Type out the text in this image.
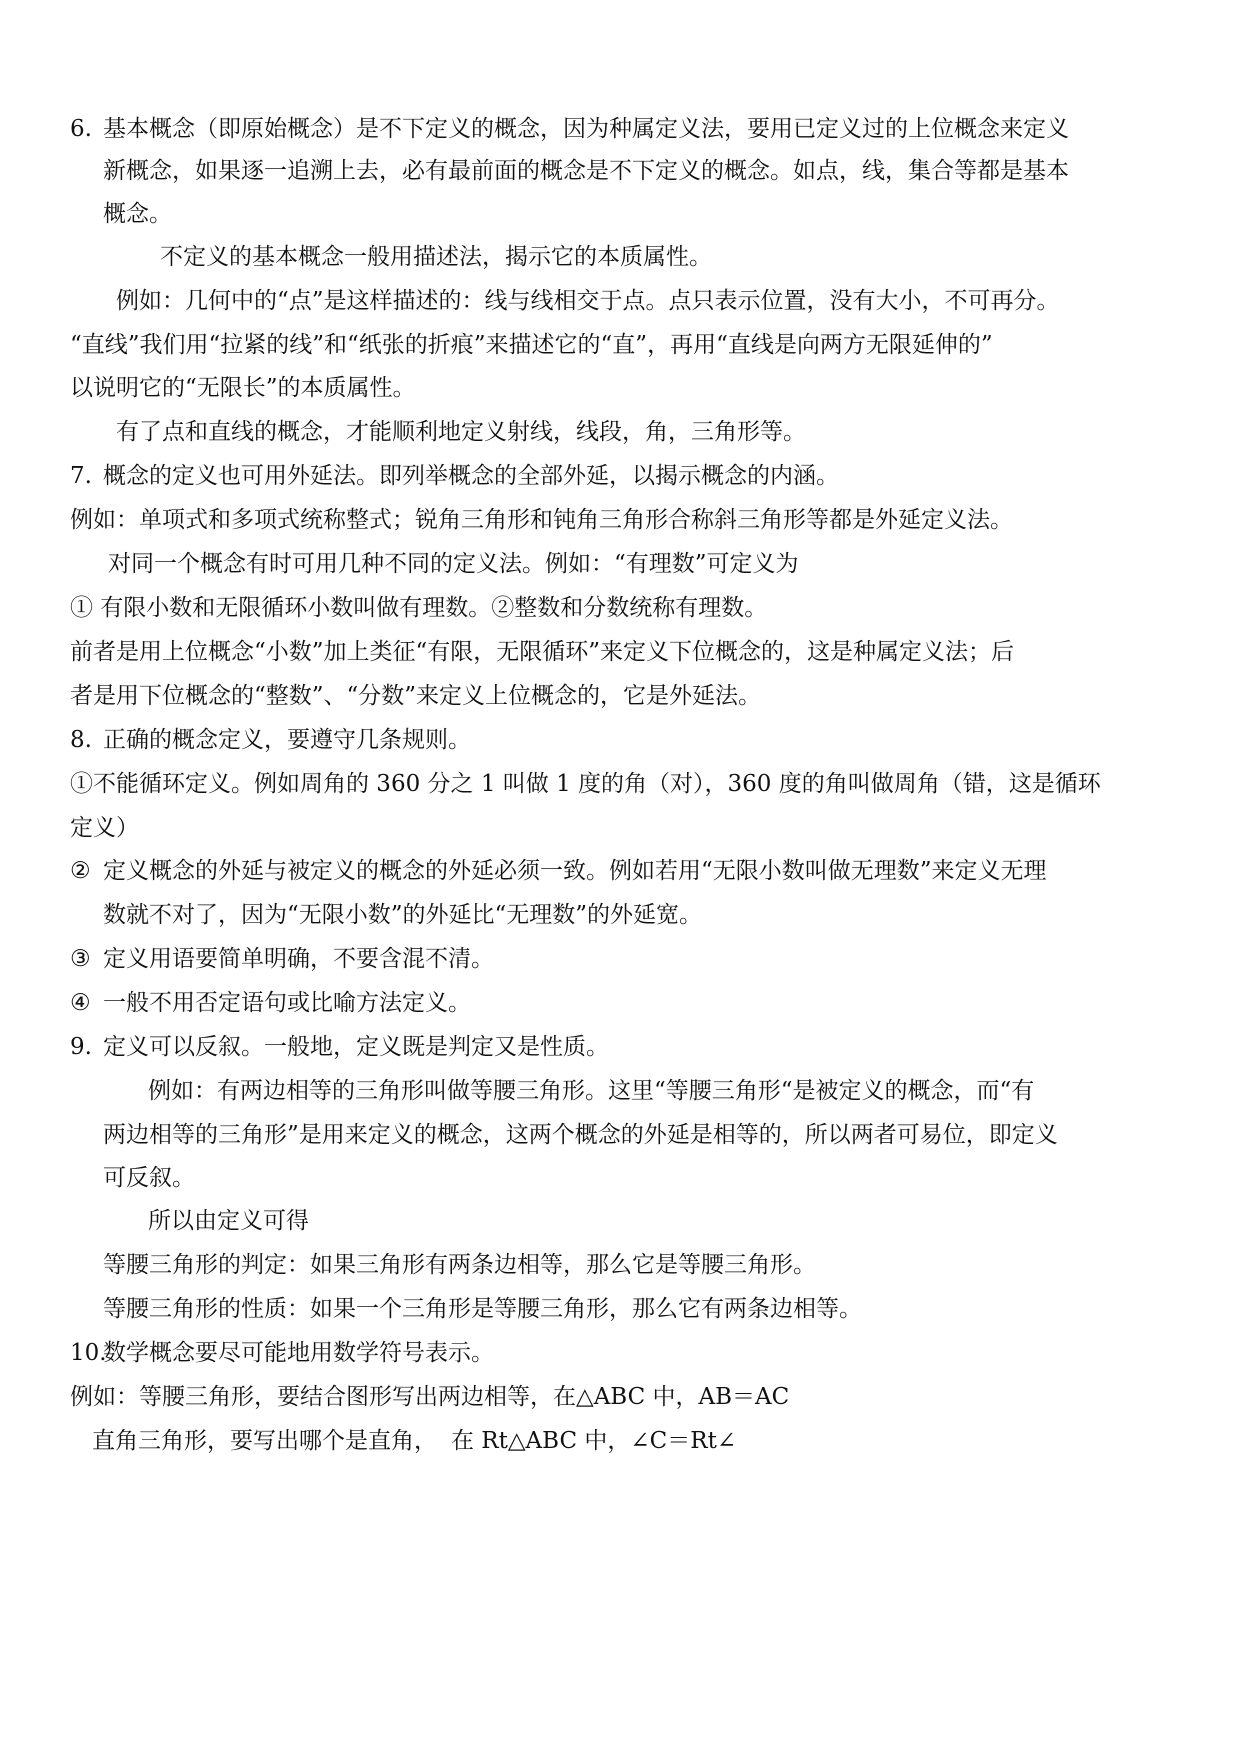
6. 基本概念（即原始概念）是不下定义的概念，因为种属定义法，要用已定义过的上位概念来定义
新概念，如果逐一追溯上去，必有最前面的概念是不下定义的概念。如点，线，集合等都是基本
概念。
不定义的基本概念一般用描述法，揭示它的本质属性。
例如：几何中的“点”是这样描述的：线与线相交于点。点只表示位置，没有大小，不可再分。
“直线”我们用“拉紧的线”和“纸张的折痕”来描述它的“直”，再用“直线是向两方无限延伸的”
以说明它的“无限长”的本质属性。
有了点和直线的概念，才能顺利地定义射线，线段，角，三角形等。
7. 概念的定义也可用外延法。即列举概念的全部外延，以揭示概念的内涵。
例如：单项式和多项式统称整式；锐角三角形和钝角三角形合称斜三角形等都是外延定义法。
对同一个概念有时可用几种不同的定义法。例如：“有理数”可定义为
① 有限小数和无限循环小数叫做有理数。②整数和分数统称有理数。
前者是用上位概念“小数”加上类征“有限，无限循环”来定义下位概念的，这是种属定义法；后
者是用下位概念的“整数”、“分数”来定义上位概念的，它是外延法。
8. 正确的概念定义，要遵守几条规则。
①不能循环定义。例如周角的 360 分之 1 叫做 1 度的角（对），360 度的角叫做周角（错，这是循环
定义）
② 定义概念的外延与被定义的概念的外延必须一致。例如若用“无限小数叫做无理数”来定义无理
数就不对了，因为“无限小数”的外延比“无理数”的外延宽。
③ 定义用语要简单明确，不要含混不清。
④ 一般不用否定语句或比喻方法定义。
9. 定义可以反叙。一般地，定义既是判定又是性质。
例如：有两边相等的三角形叫做等腰三角形。这里“等腰三角形“是被定义的概念，而“有
两边相等的三角形”是用来定义的概念，这两个概念的外延是相等的，所以两者可易位，即定义
可反叙。
所以由定义可得
等腰三角形的判定：如果三角形有两条边相等，那么它是等腰三角形。
等腰三角形的性质：如果一个三角形是等腰三角形，那么它有两条边相等。
10.
数学概念要尽可能地用数学符号表示。
例如：等腰三角形，要结合图形写出两边相等，在△ABC 中，AB＝AC
直角三角形，要写出哪个是直角， 在 Rt△ABC 中，∠C＝Rt∠
